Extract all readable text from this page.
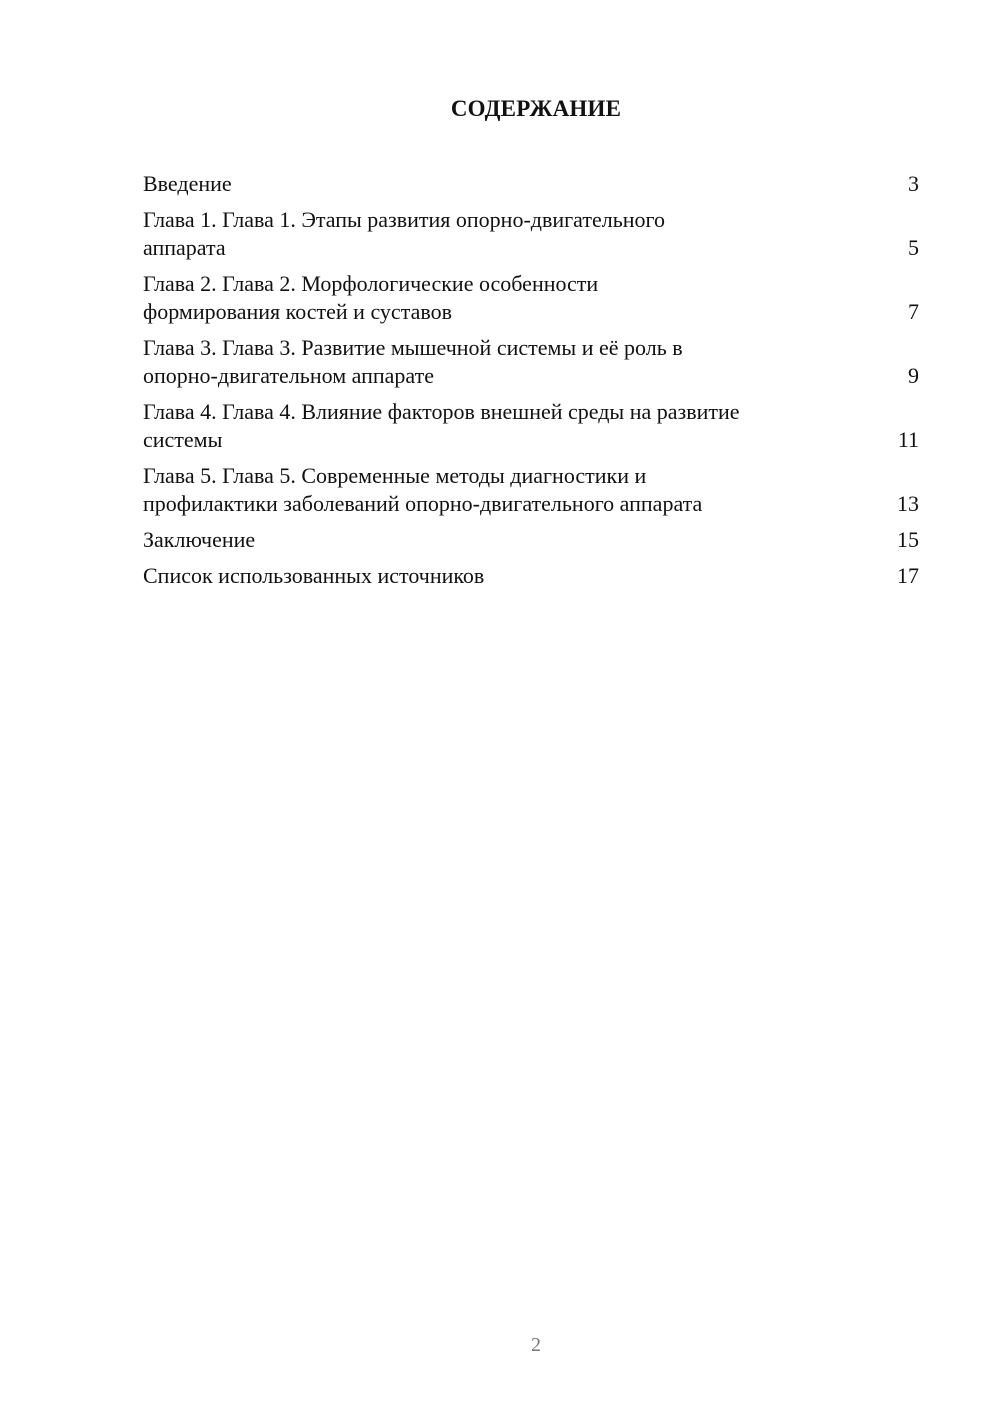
СОДЕРЖАНИЕ
Введение	3
Глава 1. Глава 1. Этапы развития опорно-двигательного
аппарата	5
Глава 2. Глава 2. Морфологические особенности
формирования костей и суставов	7
Глава 3. Глава 3. Развитие мышечной системы и её роль в
опорно-двигательном аппарате	9
Глава 4. Глава 4. Влияние факторов внешней среды на развитие
системы	11
Глава 5. Глава 5. Современные методы диагностики и
профилактики заболеваний опорно-двигательного аппарата	13
Заключение	15
Список использованных источников	17
2
